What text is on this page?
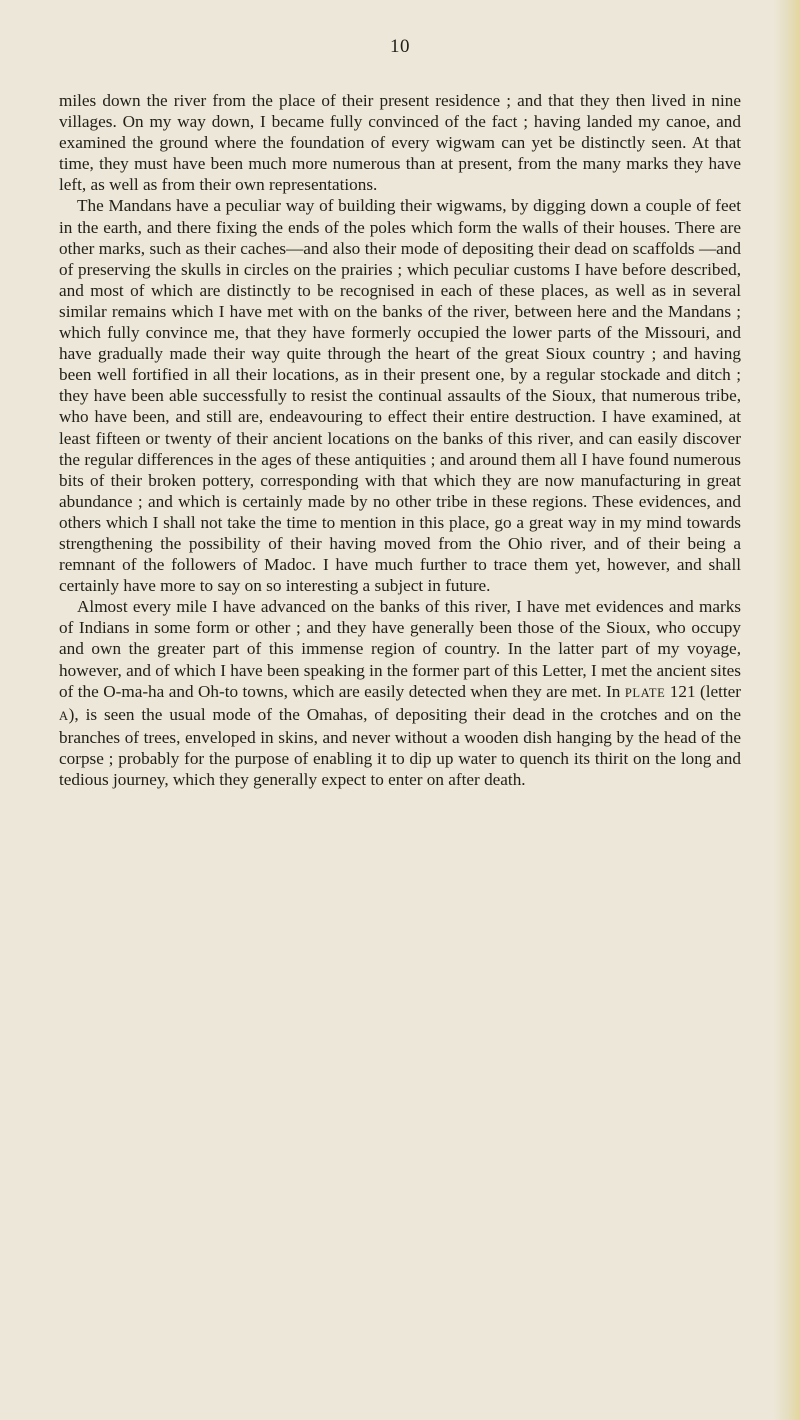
10

miles down the river from the place of their present residence ; and that they then lived in nine villages. On my way down, I became fully convinced of the fact ; having landed my canoe, and examined the ground where the foundation of every wigwam can yet be distinctly seen. At that time, they must have been much more numerous than at present, from the many marks they have left, as well as from their own representations.

The Mandans have a peculiar way of building their wigwams, by digging down a couple of feet in the earth, and there fixing the ends of the poles which form the walls of their houses. There are other marks, such as their caches—and also their mode of depositing their dead on scaffolds —and of preserving the skulls in circles on the prairies ; which peculiar customs I have before described, and most of which are distinctly to be recognised in each of these places, as well as in several similar remains which I have met with on the banks of the river, between here and the Mandans ; which fully convince me, that they have formerly occupied the lower parts of the Missouri, and have gradually made their way quite through the heart of the great Sioux country ; and having been well fortified in all their locations, as in their present one, by a regular stockade and ditch ; they have been able successfully to resist the continual assaults of the Sioux, that numerous tribe, who have been, and still are, endeavouring to effect their entire destruction. I have examined, at least fifteen or twenty of their ancient locations on the banks of this river, and can easily discover the regular differences in the ages of these antiquities ; and around them all I have found numerous bits of their broken pottery, corresponding with that which they are now manufacturing in great abundance ; and which is certainly made by no other tribe in these regions. These evidences, and others which I shall not take the time to mention in this place, go a great way in my mind towards strengthening the possibility of their having moved from the Ohio river, and of their being a remnant of the followers of Madoc. I have much further to trace them yet, however, and shall certainly have more to say on so interesting a subject in future.

Almost every mile I have advanced on the banks of this river, I have met evidences and marks of Indians in some form or other ; and they have generally been those of the Sioux, who occupy and own the greater part of this immense region of country. In the latter part of my voyage, however, and of which I have been speaking in the former part of this Letter, I met the ancient sites of the O-ma-ha and Oh-to towns, which are easily detected when they are met. In PLATE 121 (letter A), is seen the usual mode of the Omahas, of depositing their dead in the crotches and on the branches of trees, enveloped in skins, and never without a wooden dish hanging by the head of the corpse ; probably for the purpose of enabling it to dip up water to quench its thirit on the long and tedious journey, which they generally expect to enter on after death.
